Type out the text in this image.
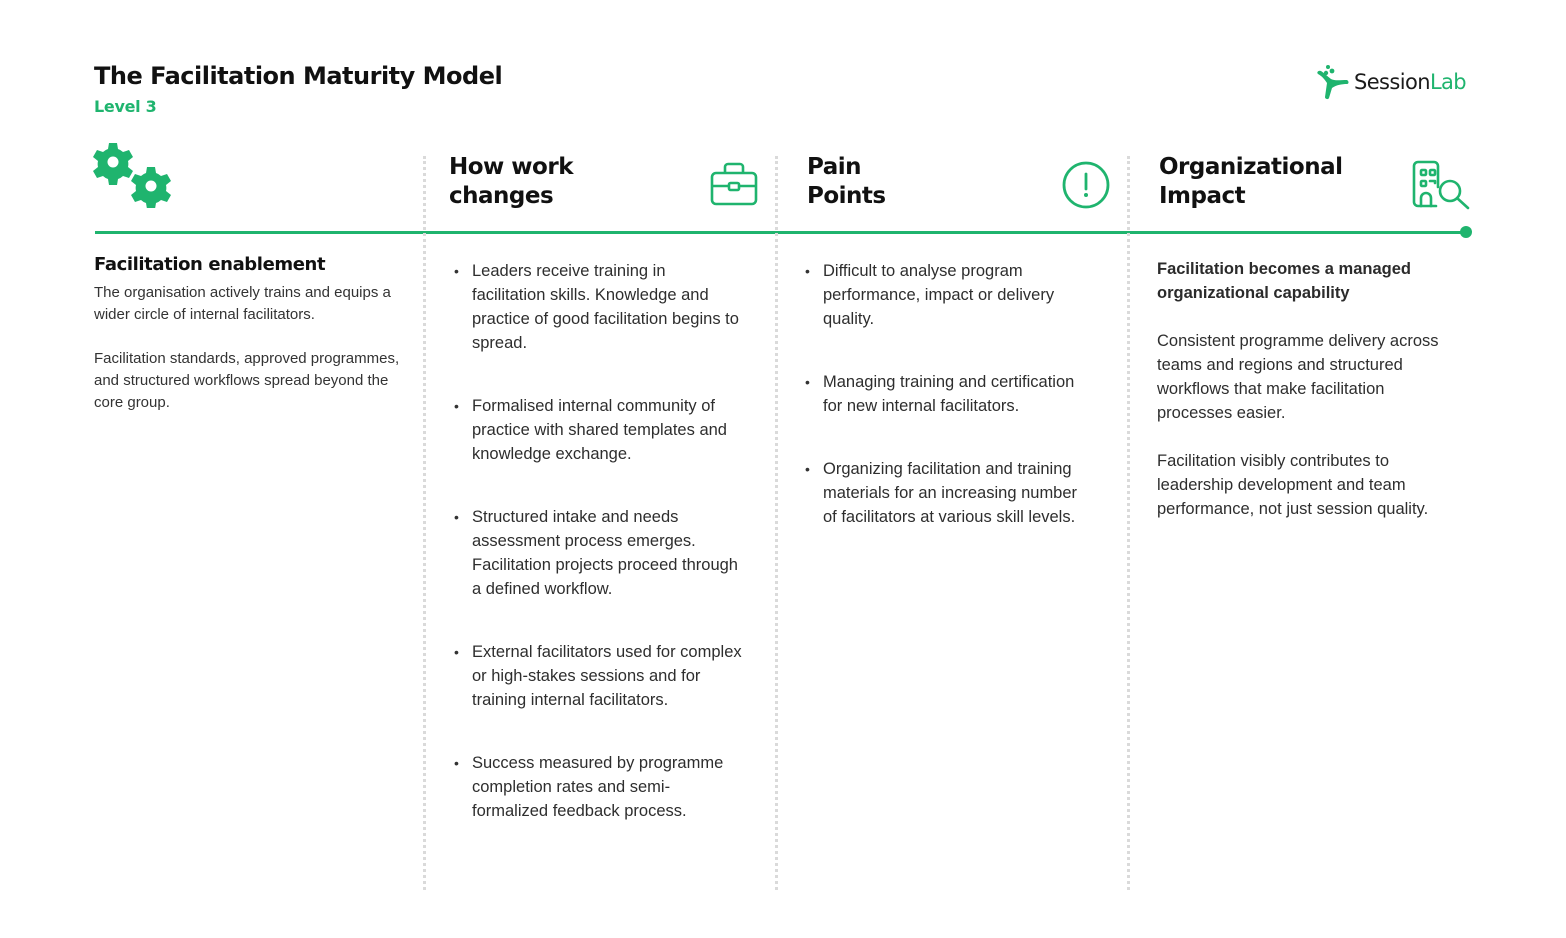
The Facilitation Maturity Model
Level 3
SessionLab
How work
changes
Pain
Points
Organizational
Impact
Facilitation enablement

The organisation actively trains and equips a wider circle of internal facilitators.

Facilitation standards, approved programmes, and structured workflows spread beyond the core group.

• Leaders receive training in facilitation skills. Knowledge and practice of good facilitation begins to spread.
• Formalised internal community of practice with shared templates and knowledge exchange.
• Structured intake and needs assessment process emerges. Facilitation projects proceed through a defined workflow.
• External facilitators used for complex or high-stakes sessions and for training internal facilitators.
• Success measured by programme completion rates and semi-formalized feedback process.
• Difficult to analyse program performance, impact or delivery quality.
• Managing training and certification for new internal facilitators.
• Organizing facilitation and training materials for an increasing number of facilitators at various skill levels.

Facilitation becomes a managed organizational capability

Consistent programme delivery across teams and regions and structured workflows that make facilitation processes easier.

Facilitation visibly contributes to leadership development and team performance, not just session quality.
